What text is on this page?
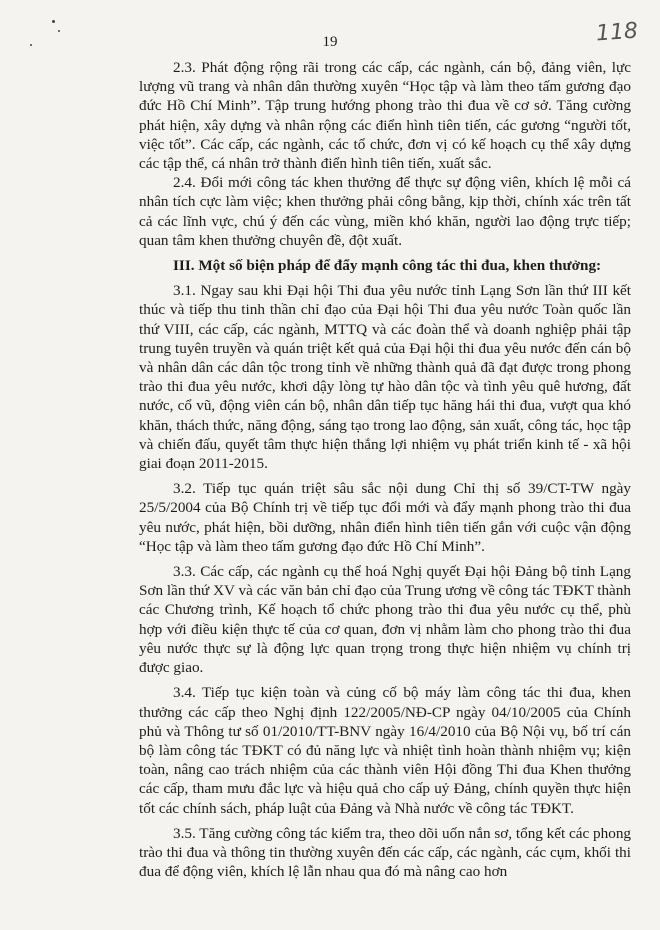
19	118

2.3. Phát động rộng rãi trong các cấp, các ngành, cán bộ, đảng viên, lực lượng vũ trang và nhân dân thường xuyên “Học tập và làm theo tấm gương đạo đức Hồ Chí Minh”. Tập trung hướng phong trào thi đua về cơ sở. Tăng cường phát hiện, xây dựng và nhân rộng các điển hình tiên tiến, các gương “người tốt, việc tốt”. Các cấp, các ngành, các tổ chức, đơn vị có kế hoạch cụ thể xây dựng các tập thể, cá nhân trở thành điển hình tiên tiến, xuất sắc.

2.4. Đổi mới công tác khen thưởng để thực sự động viên, khích lệ mỗi cá nhân tích cực làm việc; khen thưởng phải công bằng, kịp thời, chính xác trên tất cả các lĩnh vực, chú ý đến các vùng, miền khó khăn, người lao động trực tiếp; quan tâm khen thưởng chuyên đề, đột xuất.

III. Một số biện pháp để đẩy mạnh công tác thi đua, khen thưởng:

3.1. Ngay sau khi Đại hội Thi đua yêu nước tỉnh Lạng Sơn lần thứ III kết thúc và tiếp thu tinh thần chỉ đạo của Đại hội Thi đua yêu nước Toàn quốc lần thứ VIII, các cấp, các ngành, MTTQ và các đoàn thể và doanh nghiệp phải tập trung tuyên truyền và quán triệt kết quả của Đại hội thi đua yêu nước đến cán bộ và nhân dân các dân tộc trong tỉnh về những thành quả đã đạt được trong phong trào thi đua yêu nước, khơi dậy lòng tự hào dân tộc và tình yêu quê hương, đất nước, cổ vũ, động viên cán bộ, nhân dân tiếp tục hăng hái thi đua, vượt qua khó khăn, thách thức, năng động, sáng tạo trong lao động, sản xuất, công tác, học tập và chiến đấu, quyết tâm thực hiện thắng lợi nhiệm vụ phát triển kinh tế - xã hội giai đoạn 2011-2015.

3.2. Tiếp tục quán triệt sâu sắc nội dung Chỉ thị số 39/CT-TW ngày 25/5/2004 của Bộ Chính trị về tiếp tục đổi mới và đẩy mạnh phong trào thi đua yêu nước, phát hiện, bồi dưỡng, nhân điển hình tiên tiến gắn với cuộc vận động “Học tập và làm theo tấm gương đạo đức Hồ Chí Minh”.

3.3. Các cấp, các ngành cụ thể hoá Nghị quyết Đại hội Đảng bộ tỉnh Lạng Sơn lần thứ XV và các văn bản chỉ đạo của Trung ương về công tác TĐKT thành các Chương trình, Kế hoạch tổ chức phong trào thi đua yêu nước cụ thể, phù hợp với điều kiện thực tế của cơ quan, đơn vị nhằm làm cho phong trào thi đua yêu nước thực sự là động lực quan trọng trong thực hiện nhiệm vụ chính trị được giao.

3.4. Tiếp tục kiện toàn và củng cố bộ máy làm công tác thi đua, khen thưởng các cấp theo Nghị định 122/2005/NĐ-CP ngày 04/10/2005 của Chính phủ và Thông tư số 01/2010/TT-BNV ngày 16/4/2010 của Bộ Nội vụ, bố trí cán bộ làm công tác TĐKT có đủ năng lực và nhiệt tình hoàn thành nhiệm vụ; kiện toàn, nâng cao trách nhiệm của các thành viên Hội đồng Thi đua Khen thưởng các cấp, tham mưu đắc lực và hiệu quả cho cấp uỷ Đảng, chính quyền thực hiện tốt các chính sách, pháp luật của Đảng và Nhà nước về công tác TĐKT.

3.5. Tăng cường công tác kiểm tra, theo dõi uốn nắn sơ, tổng kết các phong trào thi đua và thông tin thường xuyên đến các cấp, các ngành, các cụm, khối thi đua để động viên, khích lệ lẫn nhau qua đó mà nâng cao hơn
